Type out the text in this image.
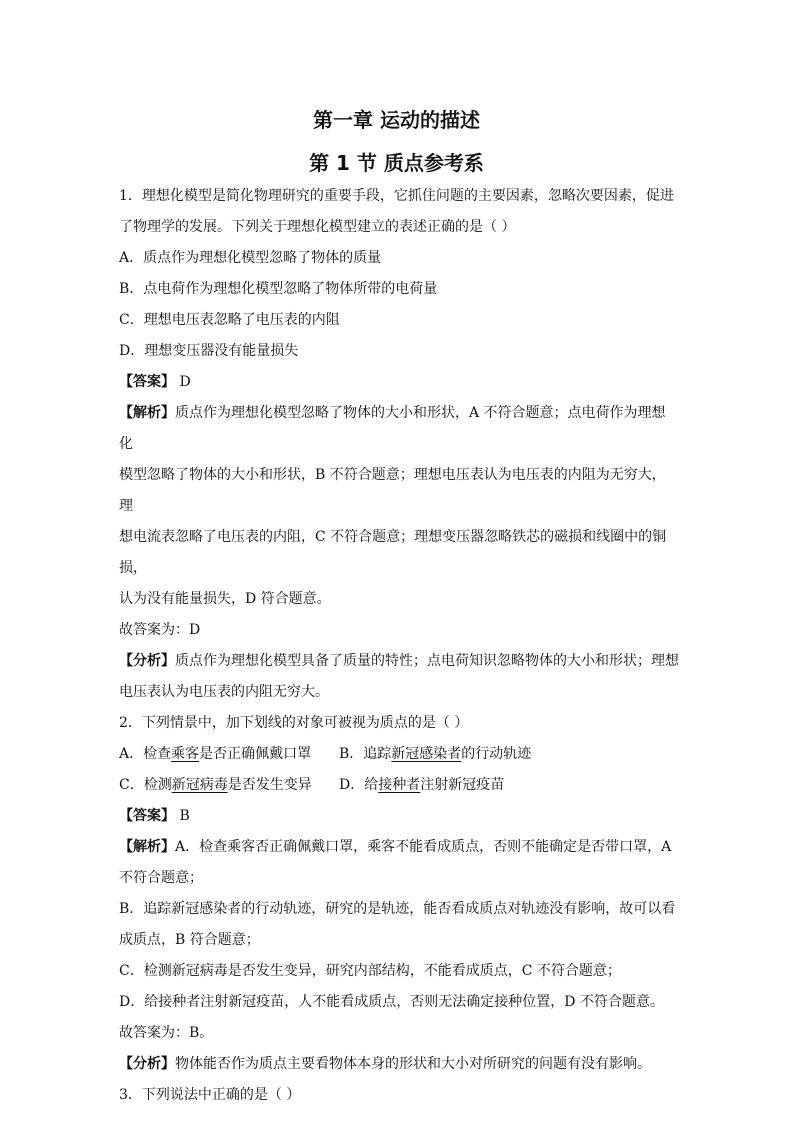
第一章 运动的描述
第 1 节 质点参考系

1．理想化模型是简化物理研究的重要手段，它抓住问题的主要因素，忽略次要因素，促进

了物理学的发展。下列关于理想化模型建立的表述正确的是（ ）

A．质点作为理想化模型忽略了物体的质量

B．点电荷作为理想化模型忽略了物体所带的电荷量

C．理想电压表忽略了电压表的内阻

D．理想变压器没有能量损失

【答案】 D

【解析】质点作为理想化模型忽略了物体的大小和形状，A 不符合题意；点电荷作为理想化

模型忽略了物体的大小和形状，B 不符合题意；理想电压表认为电压表的内阻为无穷大，理

想电流表忽略了电压表的内阻，C 不符合题意；理想变压器忽略铁芯的磁损和线圈中的铜损，

认为没有能量损失，D 符合题意。

故答案为：D

【分析】质点作为理想化模型具备了质量的特性；点电荷知识忽略物体的大小和形状；理想

电压表认为电压表的内阻无穷大。

2．下列情景中，加下划线的对象可被视为质点的是（ ）

A．检查乘客是否正确佩戴口罩	B．追踪新冠感染者的行动轨迹
C．检测新冠病毒是否发生变异	D．给接种者注射新冠疫苗

【答案】 B

【解析】A．检查乘客否正确佩戴口罩，乘客不能看成质点，否则不能确定是否带口罩，A

不符合题意；

B．追踪新冠感染者的行动轨迹，研究的是轨迹，能否看成质点对轨迹没有影响，故可以看

成质点，B 符合题意；

C．检测新冠病毒是否发生变异，研究内部结构，不能看成质点，C 不符合题意；

D．给接种者注射新冠疫苗，人不能看成质点，否则无法确定接种位置，D 不符合题意。

故答案为：B。

【分析】物体能否作为质点主要看物体本身的形状和大小对所研究的问题有没有影响。

3．下列说法中正确的是（ ）
